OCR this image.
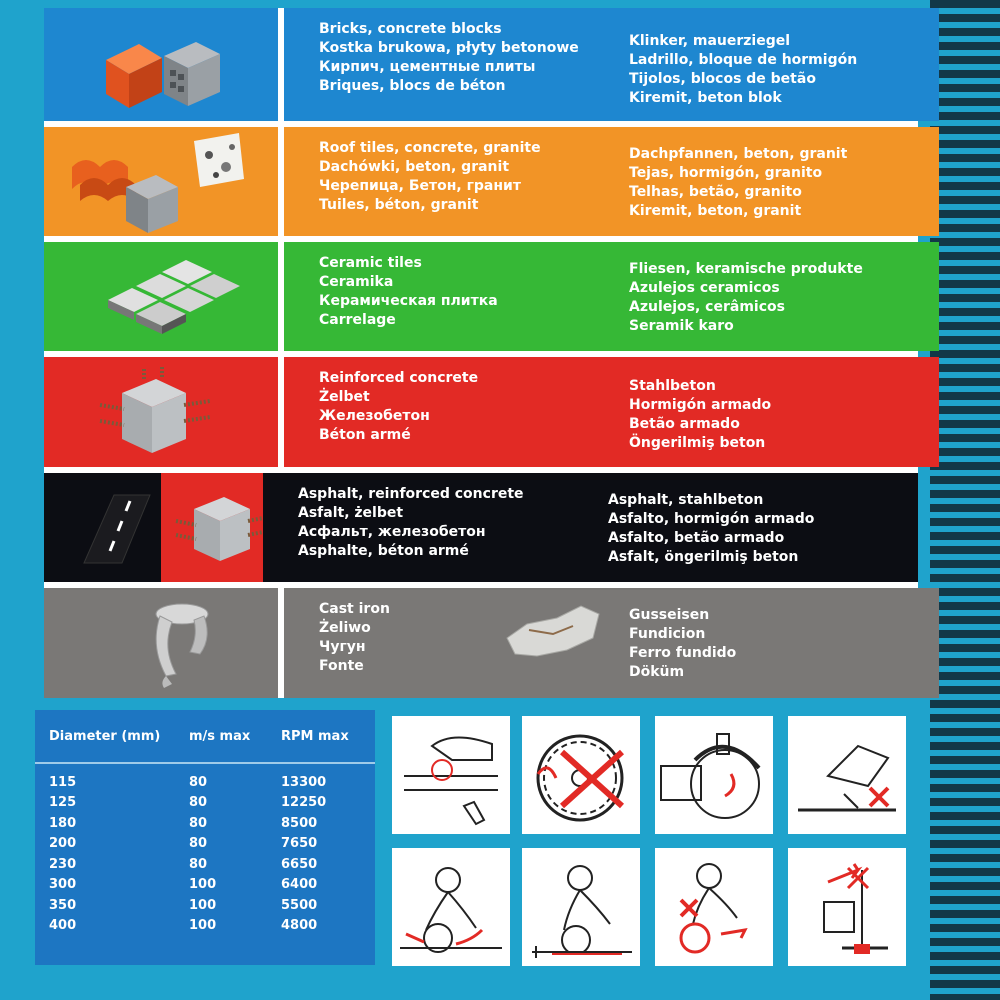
Bricks, concrete blocks
Kostka brukowa, płyty betonowe
Кирпич, цементные плиты
Briques, blocs de béton
Klinker, mauerziegel
Ladrillo, bloque de hormigón
Tijolos, blocos de betão
Kiremit, beton blok
Roof tiles, concrete, granite
Dachówki, beton, granit
Черепица, Бетон, гранит
Tuiles, béton, granit
Dachpfannen, beton, granit
Tejas, hormigón, granito
Telhas, betão, granito
Kiremit, beton, granit
Ceramic tiles
Ceramika
Керамическая плитка
Carrelage
Fliesen, keramische produkte
Azulejos ceramicos
Azulejos, cerâmicos
Seramik karo
Reinforced concrete
Żelbet
Железобетон
Béton armé
Stahlbeton
Hormigón armado
Betão armado
Öngerilmiş beton
Asphalt, reinforced concrete
Asfalt, żelbet
Асфальт, железобетон
Asphalte, béton armé
Asphalt, stahlbeton
Asfalto, hormigón armado
Asfalto, betão armado
Asfalt, öngerilmiş beton
Cast iron
Żeliwo
Чугун
Fonte
Gusseisen
Fundicion
Ferro fundido
Döküm
Diameter (mm)	m/s max	RPM max
115	80	13300
125	80	12250
180	80	8500
200	80	7650
230	80	6650
300	100	6400
350	100	5500
400	100	4800
